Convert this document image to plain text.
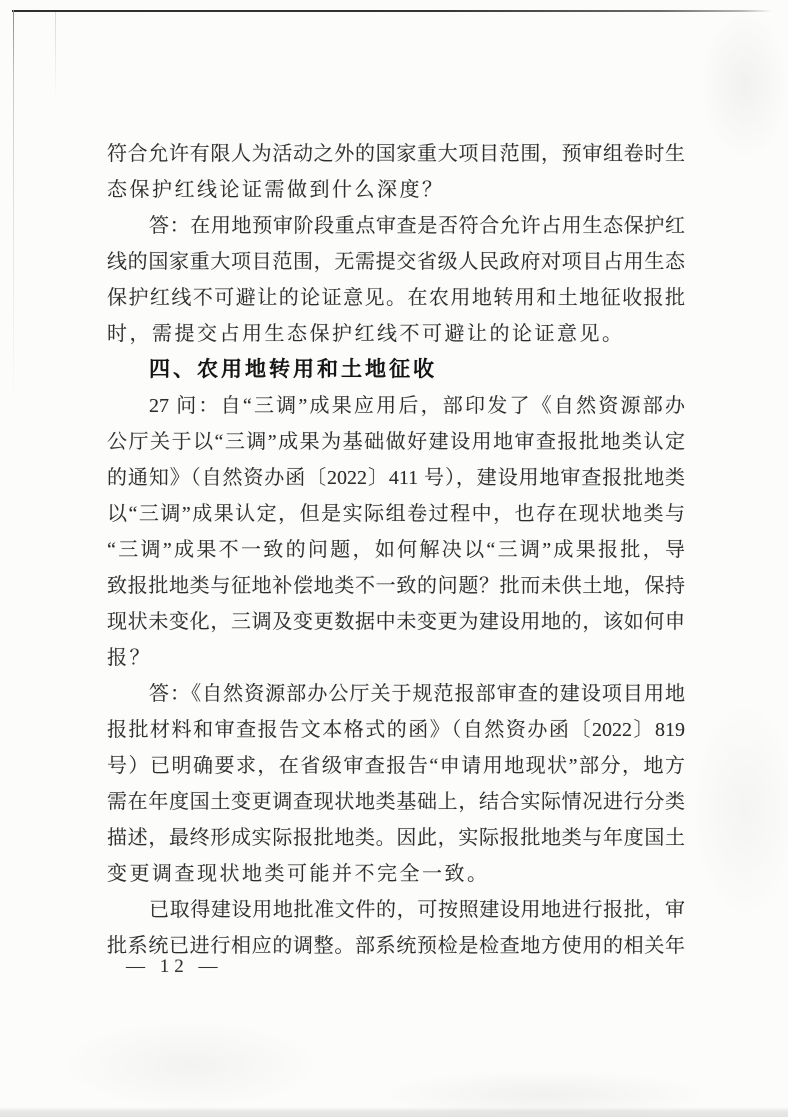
符合允许有限人为活动之外的国家重大项目范围，预审组卷时生
态保护红线论证需做到什么深度？
答：在用地预审阶段重点审查是否符合允许占用生态保护红
线的国家重大项目范围，无需提交省级人民政府对项目占用生态
保护红线不可避让的论证意见。在农用地转用和土地征收报批
时，需提交占用生态保护红线不可避让的论证意见。
四、农用地转用和土地征收
27 问：自“三调”成果应用后，部印发了《自然资源部办
公厅关于以“三调”成果为基础做好建设用地审查报批地类认定
的通知》（自然资办函〔2022〕411 号），建设用地审查报批地类
以“三调”成果认定，但是实际组卷过程中，也存在现状地类与
“三调”成果不一致的问题，如何解决以“三调”成果报批，导
致报批地类与征地补偿地类不一致的问题？批而未供土地，保持
现状未变化，三调及变更数据中未变更为建设用地的，该如何申
报？
答：《自然资源部办公厅关于规范报部审查的建设项目用地
报批材料和审查报告文本格式的函》（自然资办函〔2022〕819
号）已明确要求，在省级审查报告“申请用地现状”部分，地方
需在年度国土变更调查现状地类基础上，结合实际情况进行分类
描述，最终形成实际报批地类。因此，实际报批地类与年度国土
变更调查现状地类可能并不完全一致。
已取得建设用地批准文件的，可按照建设用地进行报批，审
批系统已进行相应的调整。部系统预检是检查地方使用的相关年
— 12 —
